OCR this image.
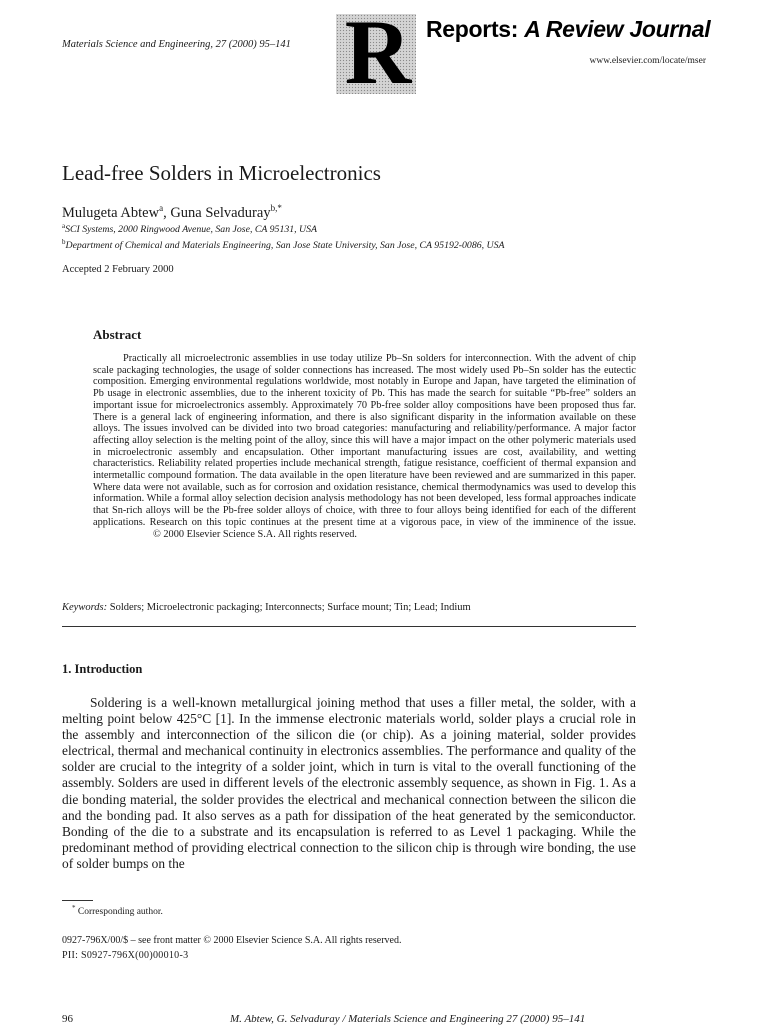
Materials Science and Engineering, 27 (2000) 95–141 R Reports: A Review Journal
www.elsevier.com/locate/mser
Lead-free Solders in Microelectronics
Mulugeta Abtew$^a$, Guna Selvaduray$^{b,*}$
$^a$SCI Systems, 2000 Ringwood Avenue, San Jose, CA 95131, USA
$^b$Department of Chemical and Materials Engineering, San Jose State University, San Jose, CA 95192-0086, USA
Accepted 2 February 2000
Abstract
Practically all microelectronic assemblies in use today utilize Pb–Sn solders for interconnection. With the advent of chip scale packaging technologies, the usage of solder connections has increased. The most widely used Pb–Sn solder has the eutectic composition. Emerging environmental regulations worldwide, most notably in Europe and Japan, have targeted the elimination of Pb usage in electronic assemblies, due to the inherent toxicity of Pb. This has made the search for suitable “Pb-free” solders an important issue for microelectronics assembly. Approximately 70 Pb-free solder alloy compositions have been proposed thus far. There is a general lack of engineering information, and there is also significant disparity in the information available on these alloys. The issues involved can be divided into two broad categories: manufacturing and reliability/performance. A major factor affecting alloy selection is the melting point of the alloy, since this will have a major impact on the other polymeric materials used in microelectronic assembly and encapsulation. Other important manufacturing issues are cost, availability, and wetting characteristics. Reliability related properties include mechanical strength, fatigue resistance, coefficient of thermal expansion and intermetallic compound formation. The data available in the open literature have been reviewed and are summarized in this paper. Where data were not available, such as for corrosion and oxidation resistance, chemical thermodynamics was used to develop this information. While a formal alloy selection decision analysis methodology has not been developed, less formal approaches indicate that Sn-rich alloys will be the Pb-free solder alloys of choice, with three to four alloys being identified for each of the different applications. Research on this topic continues at the present time at a vigorous pace, in view of the imminence of the issue.© 2000 Elsevier Science S.A. All rights reserved.
Keywords: Solders; Microelectronic packaging; Interconnects; Surface mount; Tin; Lead; Indium
1. Introduction
Soldering is a well-known metallurgical joining method that uses a filler metal, the solder, with a melting point below 425°C [1]. In the immense electronic materials world, solder plays a crucial role in the assembly and interconnection of the silicon die (or chip). As a joining material, solder provides electrical, thermal and mechanical continuity in electronics assemblies. The performance and quality of the solder are crucial to the integrity of a solder joint, which in turn is vital to the overall functioning of the assembly. Solders are used in different levels of the electronic assembly sequence, as shown in Fig. 1. As a die bonding material, the solder provides the electrical and mechanical connection between the silicon die and the bonding pad. It also serves as a path for dissipation of the heat generated by the semiconductor. Bonding of the die to a substrate and its encapsulation is referred to as Level 1 packaging. While the predominant method of providing electrical connection to the silicon chip is through wire bonding, the use of solder bumps on the
* Corresponding author.
0927-796X/00/$ – see front matter © 2000 Elsevier Science S.A. All rights reserved.
PII: S0927-796X(00)00010-3
96	M. Abtew, G. Selvaduray / Materials Science and Engineering 27 (2000) 95–141
